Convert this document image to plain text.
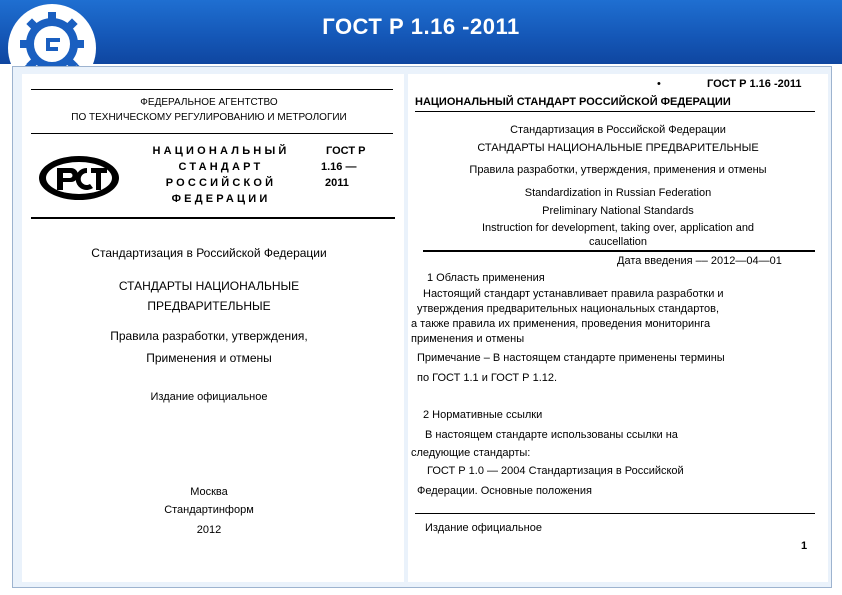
ГОСТ Р 1.16 -2011
ФЕДЕРАЛЬНОЕ АГЕНТСТВО
ПО ТЕХНИЧЕСКОМУ РЕГУЛИРОВАНИЮ И МЕТРОЛОГИИ
НАЦИОНАЛЬНЫЙ
СТАНДАРТ
РОССИЙСКОЙ
ФЕДЕРАЦИИ
ГОСТ Р
1.16 —
2011
Стандартизация в Российской Федерации
СТАНДАРТЫ НАЦИОНАЛЬНЫЕ
ПРЕДВАРИТЕЛЬНЫЕ
Правила разработки, утверждения,
Применения и отмены
Издание официальное
Москва
Стандартинформ
2012
•	ГОСТ Р 1.16 -2011
НАЦИОНАЛЬНЫЙ СТАНДАРТ РОССИЙСКОЙ ФЕДЕРАЦИИ
Стандартизация в Российской Федерации
СТАНДАРТЫ НАЦИОНАЛЬНЫЕ ПРЕДВАРИТЕЛЬНЫЕ
Правила разработки, утверждения, применения и отмены
Standardization in Russian Federation
Preliminary National Standards
Instruction for development, taking over, application and
cauсellation
Дата введения ‒– 2012—04—01
1 Область применения
Настоящий стандарт устанавливает правила разработки и
утверждения предварительных национальных стандартов,
а также правила их применения, проведения мониторинга
применения и отмены
Примечание – В настоящем стандарте применены термины
по ГОСТ 1.1 и ГОСТ Р 1.12.
2 Нормативные ссылки
В настоящем стандарте использованы ссылки на
следующие стандарты:
ГОСТ Р 1.0 — 2004 Стандартизация в Российской
Федерации. Основные положения
Издание официальное
1
